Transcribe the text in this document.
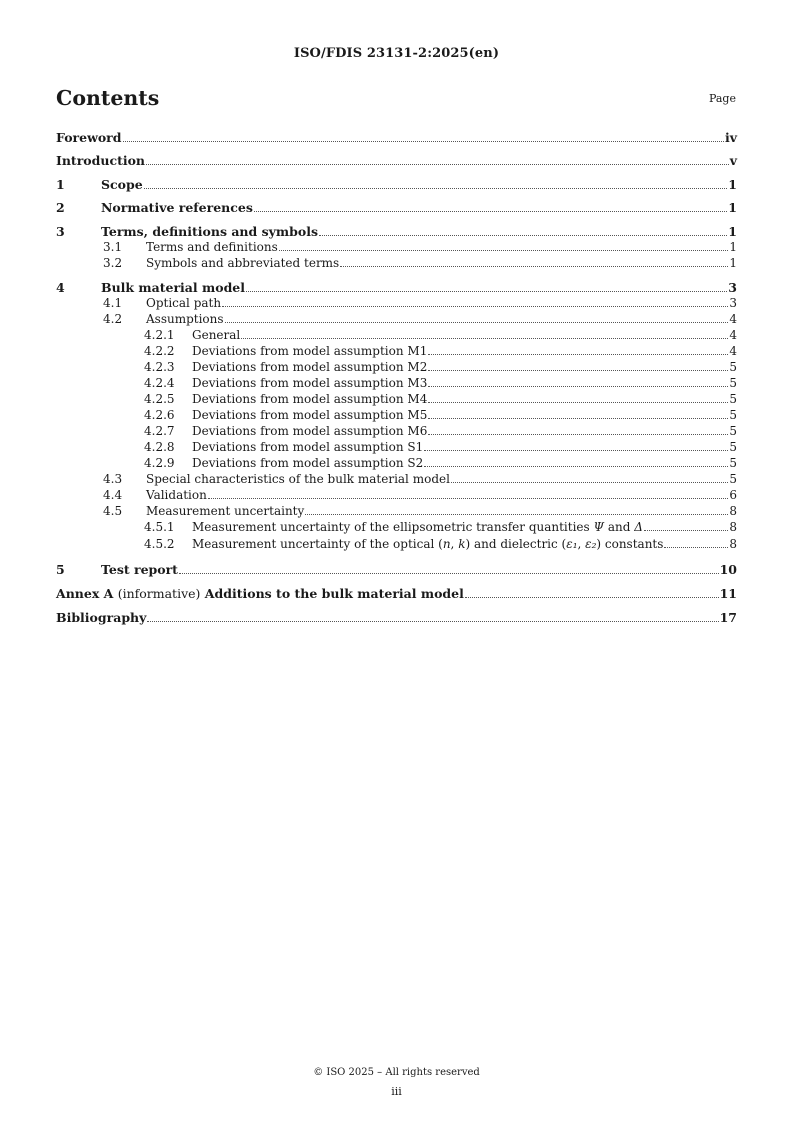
ISO/FDIS 23131-2:2025(en)
Contents	Page
Foreword	iv
Introduction	v
1	Scope	1
2	Normative references	1
3	Terms, definitions and symbols	1
3.1	Terms and definitions	1
3.2	Symbols and abbreviated terms	1
4	Bulk material model	3
4.1	Optical path	3
4.2	Assumptions	4
4.2.1	General	4
4.2.2	Deviations from model assumption M1	4
4.2.3	Deviations from model assumption M2	5
4.2.4	Deviations from model assumption M3	5
4.2.5	Deviations from model assumption M4	5
4.2.6	Deviations from model assumption M5	5
4.2.7	Deviations from model assumption M6	5
4.2.8	Deviations from model assumption S1	5
4.2.9	Deviations from model assumption S2	5
4.3	Special characteristics of the bulk material model	5
4.4	Validation	6
4.5	Measurement uncertainty	8
4.5.1	Measurement uncertainty of the ellipsometric transfer quantities Ψ and Δ	8
4.5.2	Measurement uncertainty of the optical (n, k) and dielectric (ε₁, ε₂) constants	8
5	Test report	10
Annex A (informative) Additions to the bulk material model	11
Bibliography	17
© ISO 2025 – All rights reserved
iii
